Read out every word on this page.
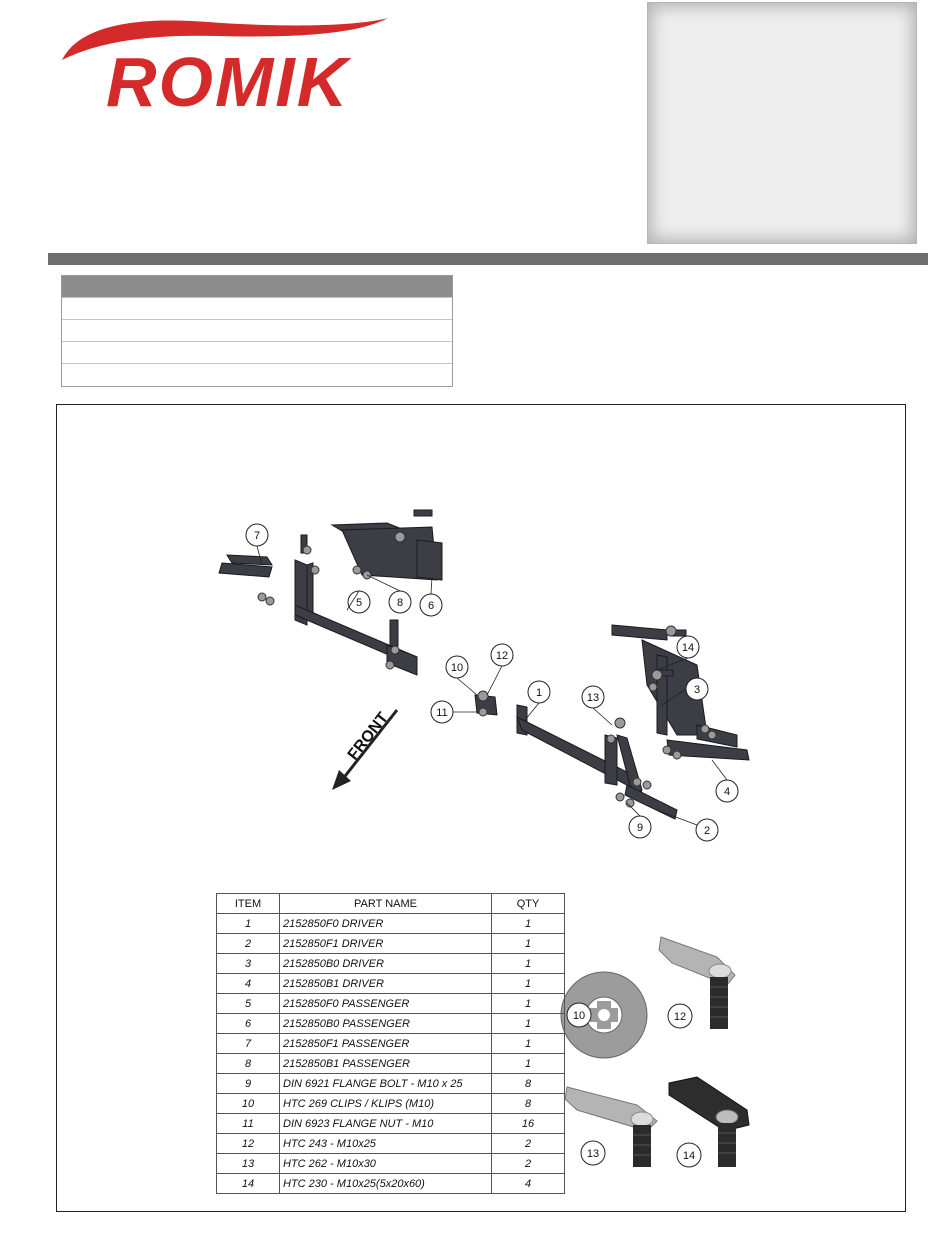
ROMIK
FRONT
7
8 6
5
10
12
1
11
14
3
13
4
9	2
10	12
13	14
ITEM	PART NAME	QTY
1	2152850F0 DRIVER	1
2	2152850F1 DRIVER	1
3	2152850B0 DRIVER	1
4	2152850B1 DRIVER	1
5	2152850F0 PASSENGER	1
6	2152850B0 PASSENGER	1
7	2152850F1 PASSENGER	1
8	2152850B1 PASSENGER	1
9	DIN 6921 FLANGE BOLT - M10 x 25	8
10	HTC 269 CLIPS / KLIPS (M10)	8
11	DIN 6923 FLANGE NUT - M10	16
12	HTC 243 - M10x25	2
13	HTC 262 - M10x30	2
14	HTC 230 - M10x25(5x20x60)	4
